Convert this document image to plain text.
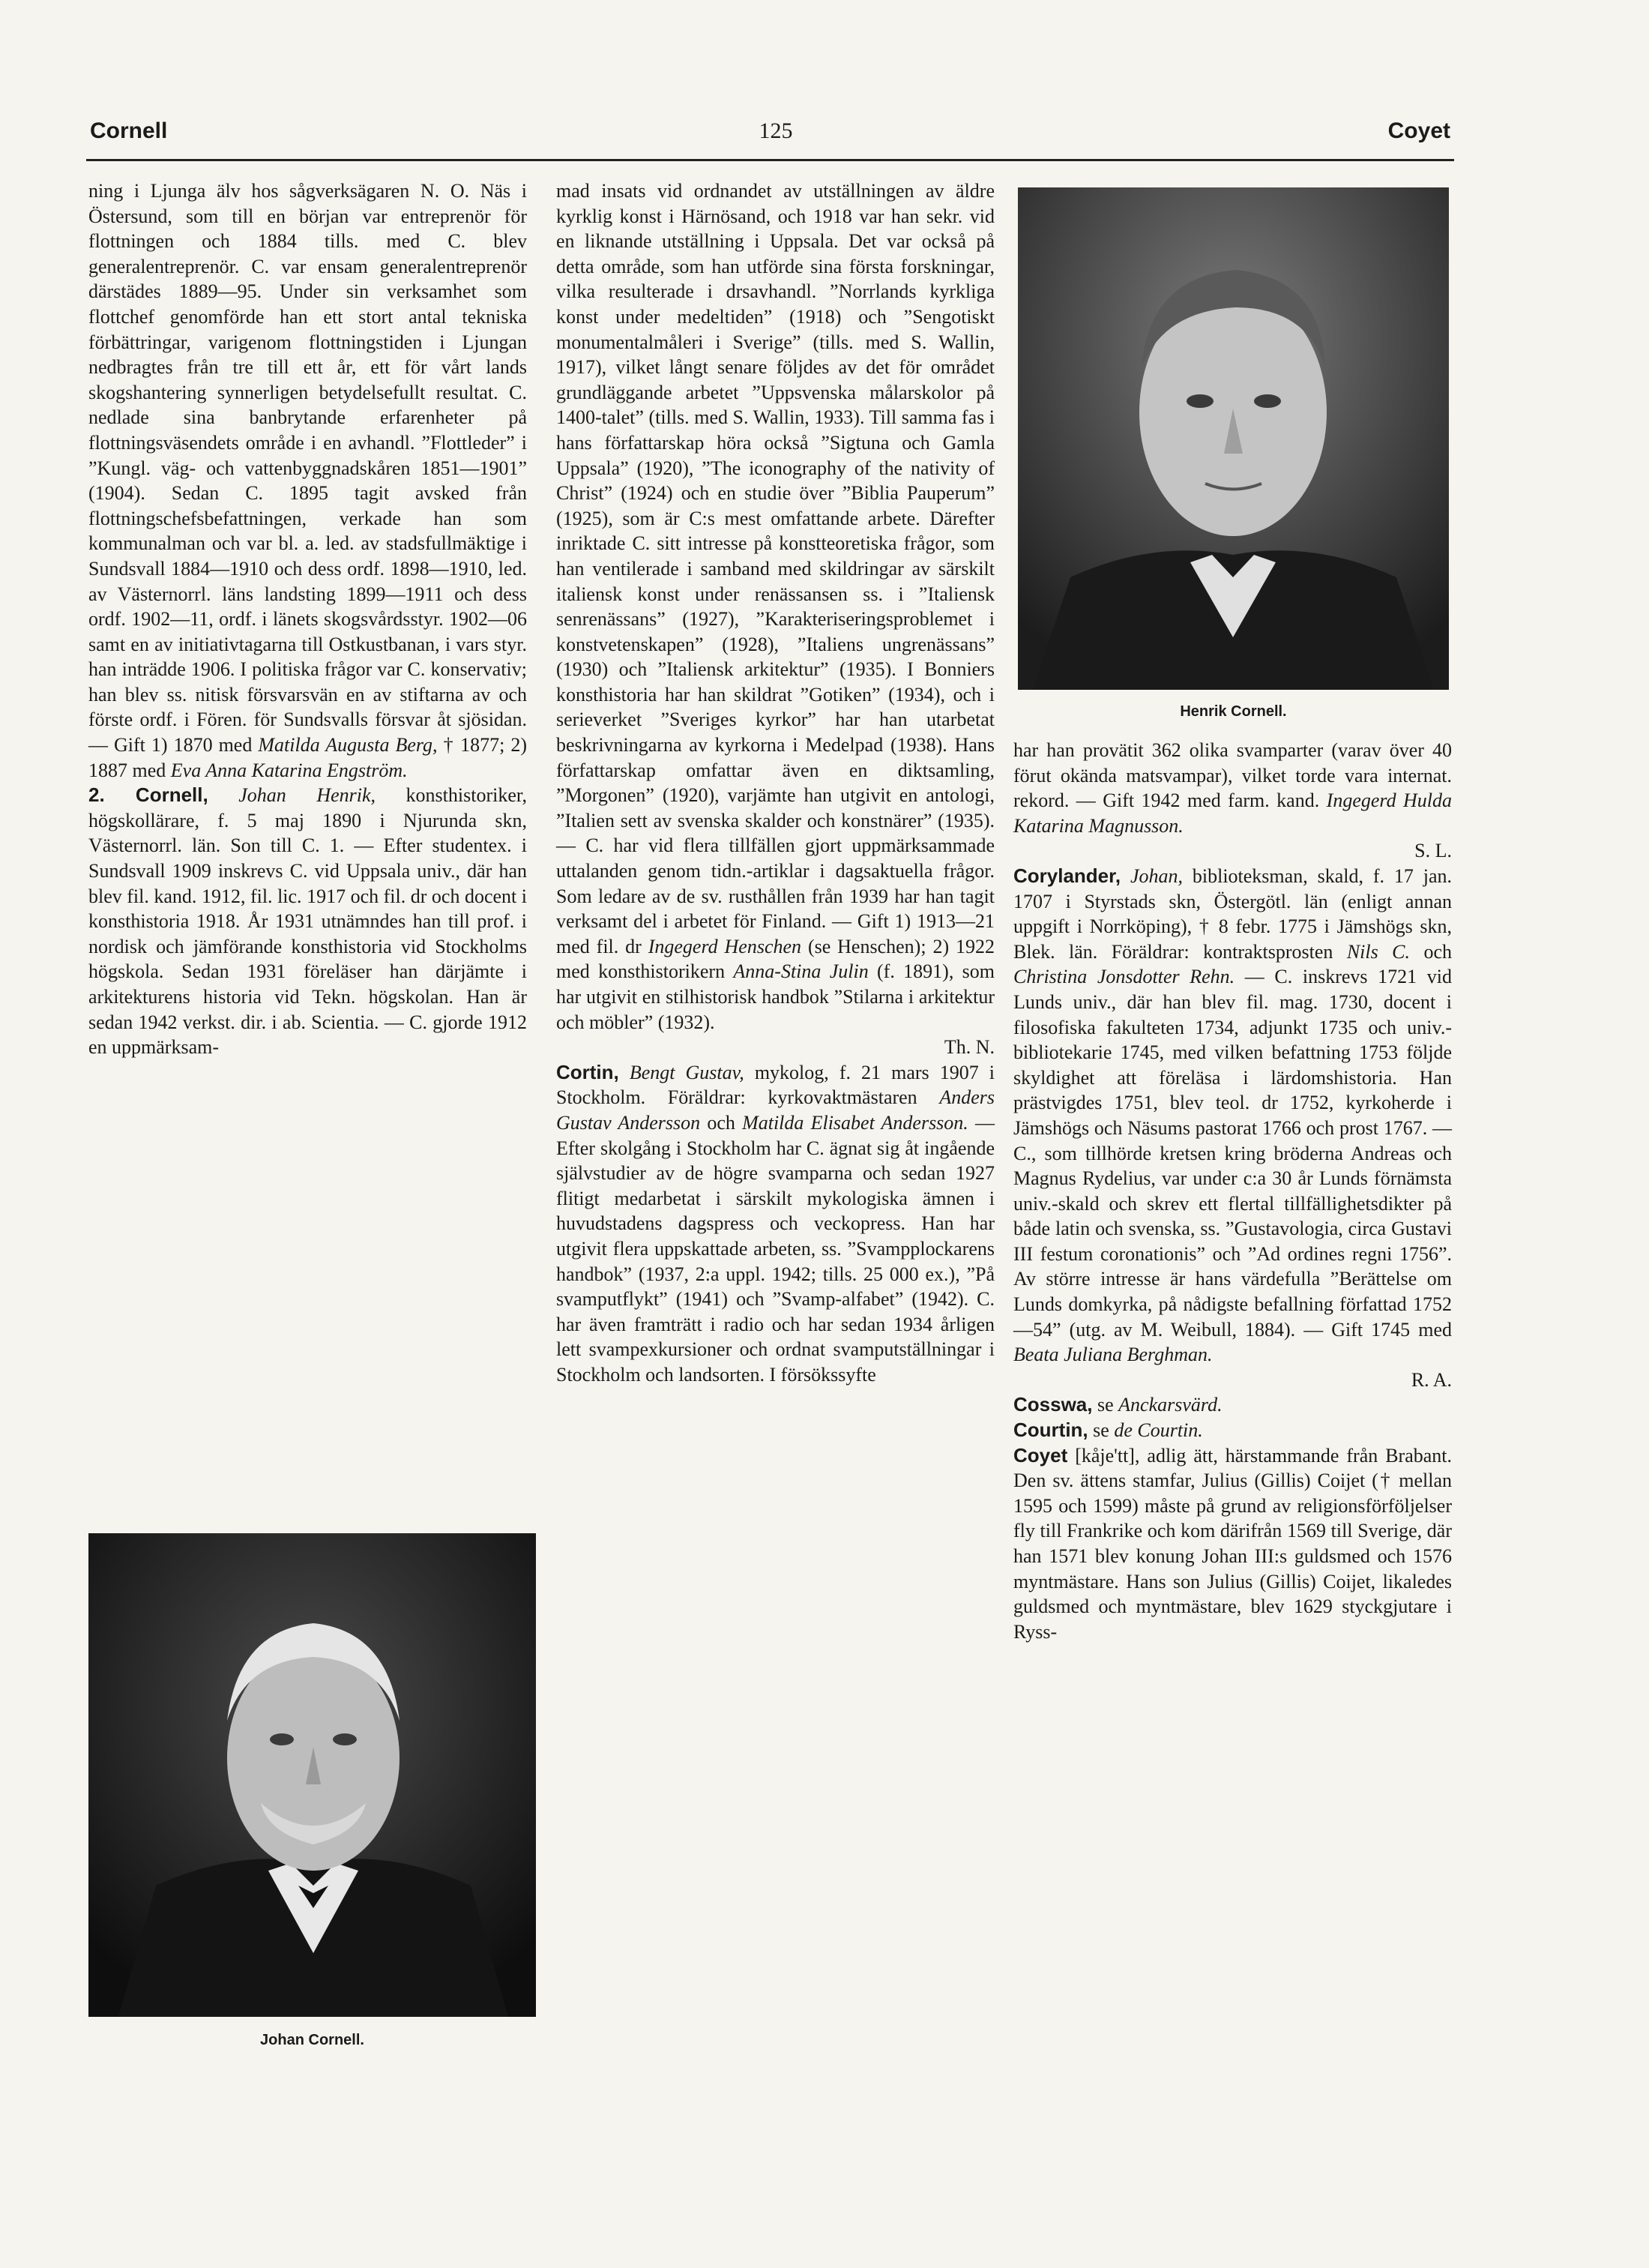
Cornell	125	Coyet

ning i Ljunga älv hos sågverksägaren N. O. Näs i Östersund, som till en början var entreprenör för flottningen och 1884 tills. med C. blev generalentreprenör. C. var ensam generalentreprenör därstädes 1889—95. Under sin verksamhet som flottchef genomförde han ett stort antal tekniska förbättringar, varigenom flottningstiden i Ljungan nedbragtes från tre till ett år, ett för vårt lands skogshantering synnerligen betydelsefullt resultat. C. nedlade sina banbrytande erfarenheter på flottningsväsendets område i en avhandl. ”Flottleder” i ”Kungl. väg- och vattenbyggnadskåren 1851—1901” (1904). Sedan C. 1895 tagit avsked från flottningschefsbefattningen, verkade han som kommunalman och var bl. a. led. av stadsfullmäktige i Sundsvall 1884—1910 och dess ordf. 1898—1910, led. av Västernorrl. läns landsting 1899—1911 och dess ordf. 1902—11, ordf. i länets skogsvårdsstyr. 1902—06 samt en av initiativtagarna till Ostkustbanan, i vars styr. han inträdde 1906. I politiska frågor var C. konservativ; han blev ss. nitisk försvarsvän en av stiftarna av och förste ordf. i Fören. för Sundsvalls försvar åt sjösidan. — Gift 1) 1870 med Matilda Augusta Berg, † 1877; 2) 1887 med Eva Anna Katarina Engström.

2. Cornell, Johan Henrik, konsthistoriker, högskollärare, f. 5 maj 1890 i Njurunda skn, Västernorrl. län. Son till C. 1. — Efter studentex. i Sundsvall 1909 inskrevs C. vid Uppsala univ., där han blev fil. kand. 1912, fil. lic. 1917 och fil. dr och docent i konsthistoria 1918. År 1931 utnämndes han till prof. i nordisk och jämförande konsthistoria vid Stockholms högskola. Sedan 1931 föreläser han därjämte i arkitekturens historia vid Tekn. högskolan. Han är sedan 1942 verkst. dir. i ab. Scientia. — C. gjorde 1912 en uppmärksam-

Johan Cornell.

mad insats vid ordnandet av utställningen av äldre kyrklig konst i Härnösand, och 1918 var han sekr. vid en liknande utställning i Uppsala. Det var också på detta område, som han utförde sina första forskningar, vilka resulterade i drsavhandl. ”Norrlands kyrkliga konst under medeltiden” (1918) och ”Sengotiskt monumentalmåleri i Sverige” (tills. med S. Wallin, 1917), vilket långt senare följdes av det för området grundläggande arbetet ”Uppsvenska målarskolor på 1400-talet” (tills. med S. Wallin, 1933). Till samma fas i hans författarskap höra också ”Sigtuna och Gamla Uppsala” (1920), ”The iconography of the nativity of Christ” (1924) och en studie över ”Biblia Pauperum” (1925), som är C:s mest omfattande arbete. Därefter inriktade C. sitt intresse på konstteoretiska frågor, som han ventilerade i samband med skildringar av särskilt italiensk konst under renässansen ss. i ”Italiensk senrenässans” (1927), ”Karakteriseringsproblemet i konstvetenskapen” (1928), ”Italiens ungrenässans” (1930) och ”Italiensk arkitektur” (1935). I Bonniers konsthistoria har han skildrat ”Gotiken” (1934), och i serieverket ”Sveriges kyrkor” har han utarbetat beskrivningarna av kyrkorna i Medelpad (1938). Hans författarskap omfattar även en diktsamling, ”Morgonen” (1920), varjämte han utgivit en antologi, ”Italien sett av svenska skalder och konstnärer” (1935). — C. har vid flera tillfällen gjort uppmärksammade uttalanden genom tidn.-artiklar i dagsaktuella frågor. Som ledare av de sv. rusthållen från 1939 har han tagit verksamt del i arbetet för Finland. — Gift 1) 1913—21 med fil. dr Ingegerd Henschen (se Henschen); 2) 1922 med konsthistorikern Anna-Stina Julin (f. 1891), som har utgivit en stilhistorisk handbok ”Stilarna i arkitektur och möbler” (1932).

Th. N.

Cortin, Bengt Gustav, mykolog, f. 21 mars 1907 i Stockholm. Föräldrar: kyrkovaktmästaren Anders Gustav Andersson och Matilda Elisabet Andersson. — Efter skolgång i Stockholm har C. ägnat sig åt ingående självstudier av de högre svamparna och sedan 1927 flitigt medarbetat i särskilt mykologiska ämnen i huvudstadens dagspress och veckopress. Han har utgivit flera uppskattade arbeten, ss. ”Svampplockarens handbok” (1937, 2:a uppl. 1942; tills. 25 000 ex.), ”På svamputflykt” (1941) och ”Svamp-alfabet” (1942). C. har även framträtt i radio och har sedan 1934 årligen lett svampexkursioner och ordnat svamputställningar i Stockholm och landsorten. I försökssyfte

Henrik Cornell.

har han provätit 362 olika svamparter (varav över 40 förut okända matsvampar), vilket torde vara internat. rekord. — Gift 1942 med farm. kand. Ingegerd Hulda Katarina Magnusson.

S. L.

Corylander, Johan, biblioteksman, skald, f. 17 jan. 1707 i Styrstads skn, Östergötl. län (enligt annan uppgift i Norrköping), † 8 febr. 1775 i Jämshögs skn, Blek. län. Föräldrar: kontraktsprosten Nils C. och Christina Jonsdotter Rehn. — C. inskrevs 1721 vid Lunds univ., där han blev fil. mag. 1730, docent i filosofiska fakulteten 1734, adjunkt 1735 och univ.-bibliotekarie 1745, med vilken befattning 1753 följde skyldighet att föreläsa i lärdomshistoria. Han prästvigdes 1751, blev teol. dr 1752, kyrkoherde i Jämshögs och Näsums pastorat 1766 och prost 1767. — C., som tillhörde kretsen kring bröderna Andreas och Magnus Rydelius, var under c:a 30 år Lunds förnämsta univ.-skald och skrev ett flertal tillfällighetsdikter på både latin och svenska, ss. ”Gustavologia, circa Gustavi III festum coronationis” och ”Ad ordines regni 1756”. Av större intresse är hans värdefulla ”Berättelse om Lunds domkyrka, på nådigste befallning författad 1752—54” (utg. av M. Weibull, 1884). — Gift 1745 med Beata Juliana Berghman.

R. A.

Cosswa, se Anckarsvärd.

Courtin, se de Courtin.

Coyet [kåje'tt], adlig ätt, härstammande från Brabant. Den sv. ättens stamfar, Julius (Gillis) Coijet († mellan 1595 och 1599) måste på grund av religionsförföljelser fly till Frankrike och kom därifrån 1569 till Sverige, där han 1571 blev konung Johan III:s guldsmed och 1576 myntmästare. Hans son Julius (Gillis) Coijet, likaledes guldsmed och myntmästare, blev 1629 styckgjutare i Ryss-
